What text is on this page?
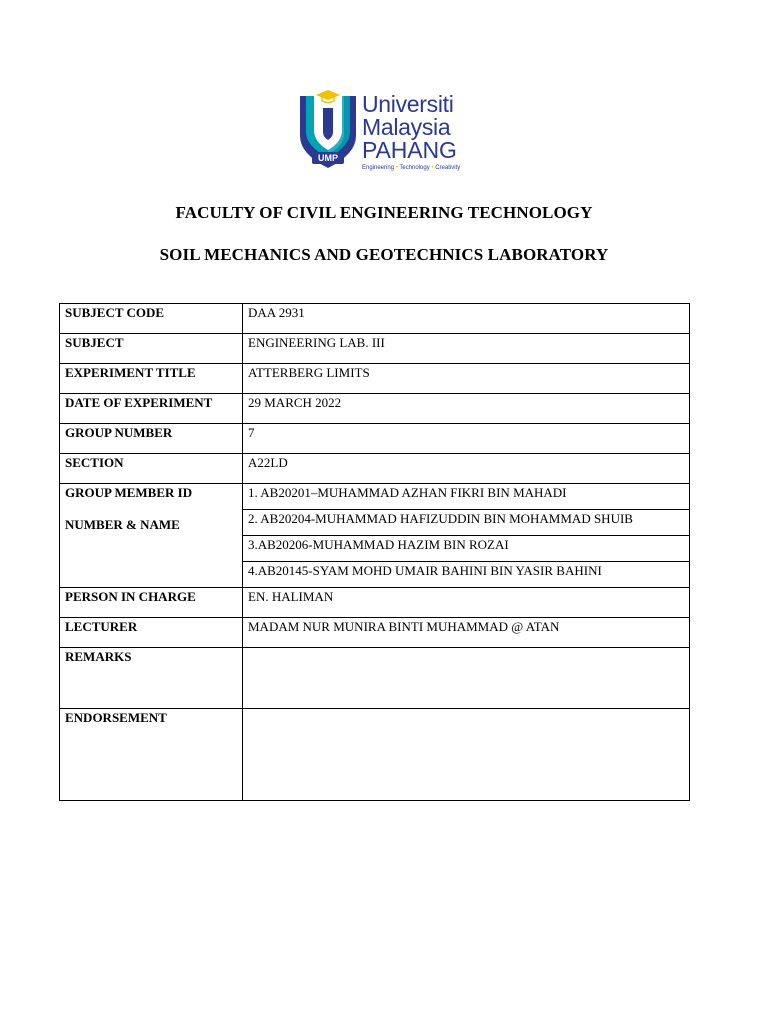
UMP
Universiti
Malaysia
PAHANG
Engineering • Technology • Creativity
FACULTY OF CIVIL ENGINEERING TECHNOLOGY
SOIL MECHANICS AND GEOTECHNICS LABORATORY
SUBJECT CODE	DAA 2931
SUBJECT	ENGINEERING LAB. III
EXPERIMENT TITLE	ATTERBERG LIMITS
DATE OF EXPERIMENT	29 MARCH 2022
GROUP NUMBER	7
SECTION	A22LD

GROUP MEMBER ID
NUMBER & NAME	1. AB20201–MUHAMMAD AZHAN FIKRI BIN MAHADI
	2. AB20204-MUHAMMAD HAFIZUDDIN BIN MOHAMMAD SHUIB
	3.AB20206-MUHAMMAD HAZIM BIN ROZAI
	4.AB20145-SYAM MOHD UMAIR BAHINI BIN YASIR BAHINI
PERSON IN CHARGE	EN. HALIMAN
LECTURER	MADAM NUR MUNIRA BINTI MUHAMMAD @ ATAN
REMARKS	
ENDORSEMENT	
